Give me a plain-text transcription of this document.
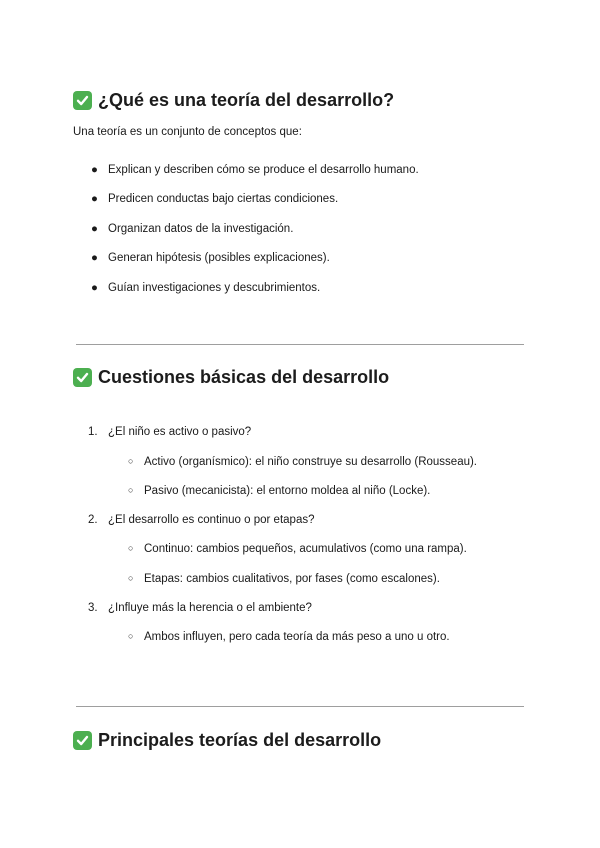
¿Qué es una teoría del desarrollo?
Una teoría es un conjunto de conceptos que:
● Explican y describen cómo se produce el desarrollo humano.
● Predicen conductas bajo ciertas condiciones.
● Organizan datos de la investigación.
● Generan hipótesis (posibles explicaciones).
● Guían investigaciones y descubrimientos.
Cuestiones básicas del desarrollo
1. ¿El niño es activo o pasivo?
○ Activo (organísmico): el niño construye su desarrollo (Rousseau).
○ Pasivo (mecanicista): el entorno moldea al niño (Locke).
2. ¿El desarrollo es continuo o por etapas?
○ Continuo: cambios pequeños, acumulativos (como una rampa).
○ Etapas: cambios cualitativos, por fases (como escalones).
3. ¿Influye más la herencia o el ambiente?
○ Ambos influyen, pero cada teoría da más peso a uno u otro.
Principales teorías del desarrollo
